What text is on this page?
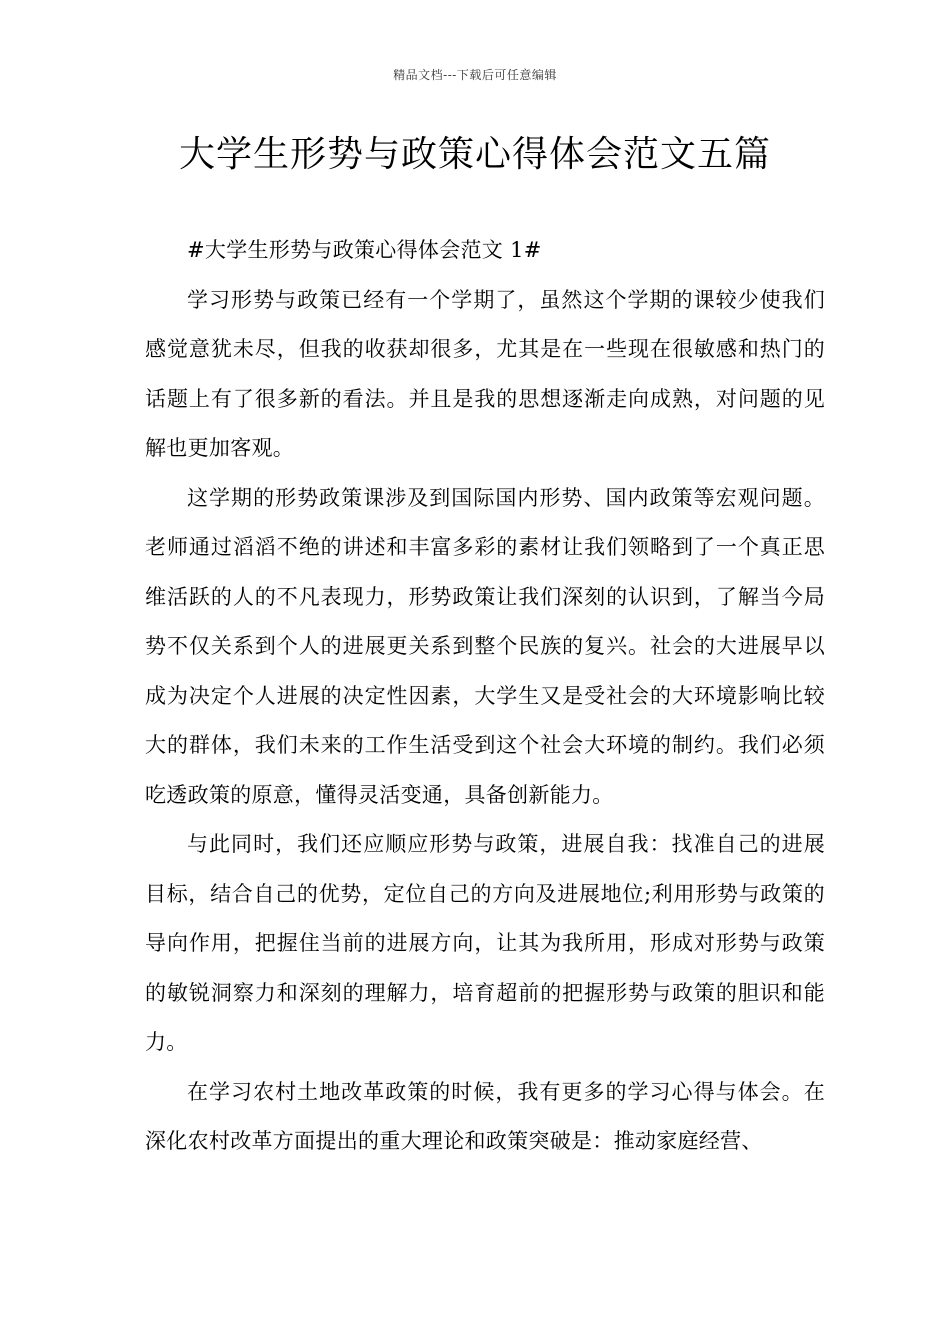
精品文档---下载后可任意编辑
大学生形势与政策心得体会范文五篇
#大学生形势与政策心得体会范文 1#

学习形势与政策已经有一个学期了，虽然这个学期的课较少使我们感觉意犹未尽，但我的收获却很多，尤其是在一些现在很敏感和热门的话题上有了很多新的看法。并且是我的思想逐渐走向成熟，对问题的见解也更加客观。

这学期的形势政策课涉及到国际国内形势、国内政策等宏观问题。老师通过滔滔不绝的讲述和丰富多彩的素材让我们领略到了一个真正思维活跃的人的不凡表现力，形势政策让我们深刻的认识到，了解当今局势不仅关系到个人的进展更关系到整个民族的复兴。社会的大进展早以成为决定个人进展的决定性因素，大学生又是受社会的大环境影响比较大的群体，我们未来的工作生活受到这个社会大环境的制约。我们必须吃透政策的原意，懂得灵活变通，具备创新能力。

与此同时，我们还应顺应形势与政策，进展自我：找准自己的进展目标，结合自己的优势，定位自己的方向及进展地位;利用形势与政策的导向作用，把握住当前的进展方向，让其为我所用，形成对形势与政策的敏锐洞察力和深刻的理解力，培育超前的把握形势与政策的胆识和能力。

在学习农村土地改革政策的时候，我有更多的学习心得与体会。在深化农村改革方面提出的重大理论和政策突破是：推动家庭经营、
